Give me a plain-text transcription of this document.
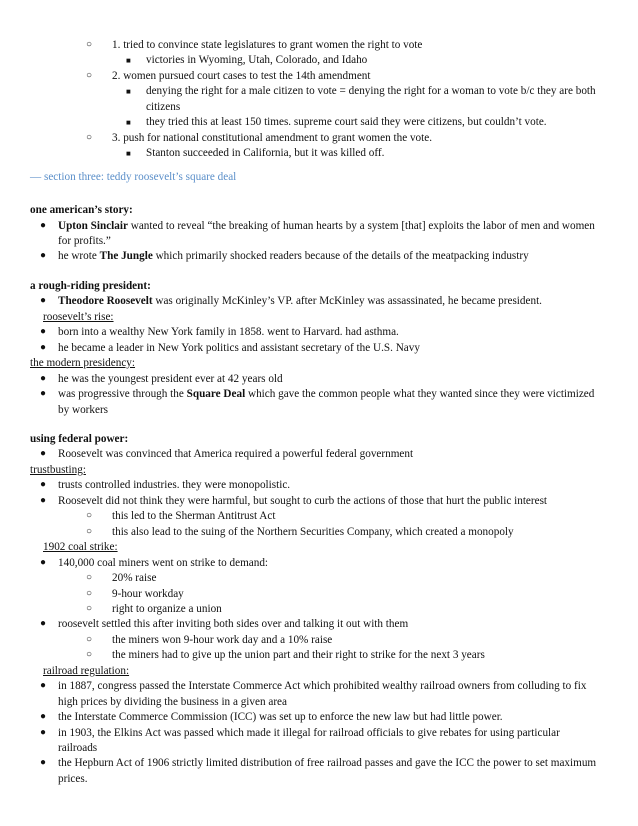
○	1. tried to convince state legislatures to grant women the right to vote
■	victories in Wyoming, Utah, Colorado, and Idaho
○	2. women pursued court cases to test the 14th amendment
■	denying the right for a male citizen to vote = denying the right for a woman to vote b/c they are both citizens
■	they tried this at least 150 times. supreme court said they were citizens, but couldn’t vote.
○	3. push for national constitutional amendment to grant women the vote.
■	Stanton succeeded in California, but it was killed off.
— section three: teddy roosevelt’s square deal
one american’s story:
●	Upton Sinclair wanted to reveal “the breaking of human hearts by a system [that] exploits the labor of men and women for profits.”
●	he wrote The Jungle which primarily shocked readers because of the details of the meatpacking industry
a rough-riding president:
●	Theodore Roosevelt was originally McKinley’s VP. after McKinley was assassinated, he became president.
roosevelt’s rise:
●	born into a wealthy New York family in 1858. went to Harvard. had asthma.
●	he became a leader in New York politics and assistant secretary of the U.S. Navy
the modern presidency:
●	he was the youngest president ever at 42 years old
●	was progressive through the Square Deal which gave the common people what they wanted since they were victimized by workers
using federal power:
●	Roosevelt was convinced that America required a powerful federal government
trustbusting:
●	trusts controlled industries. they were monopolistic.
●	Roosevelt did not think they were harmful, but sought to curb the actions of those that hurt the public interest
○	this led to the Sherman Antitrust Act
○	this also lead to the suing of the Northern Securities Company, which created a monopoly
1902 coal strike:
●	140,000 coal miners went on strike to demand:
○	20% raise
○	9-hour workday
○	right to organize a union
●	roosevelt settled this after inviting both sides over and talking it out with them
○	the miners won 9-hour work day and a 10% raise
○	the miners had to give up the union part and their right to strike for the next 3 years
railroad regulation:
●	in 1887, congress passed the Interstate Commerce Act which prohibited wealthy railroad owners from colluding to fix high prices by dividing the business in a given area
●	the Interstate Commerce Commission (ICC) was set up to enforce the new law but had little power.
●	in 1903, the Elkins Act was passed which made it illegal for railroad officials to give rebates for using particular railroads
●	the Hepburn Act of 1906 strictly limited distribution of free railroad passes and gave the ICC the power to set maximum prices.
